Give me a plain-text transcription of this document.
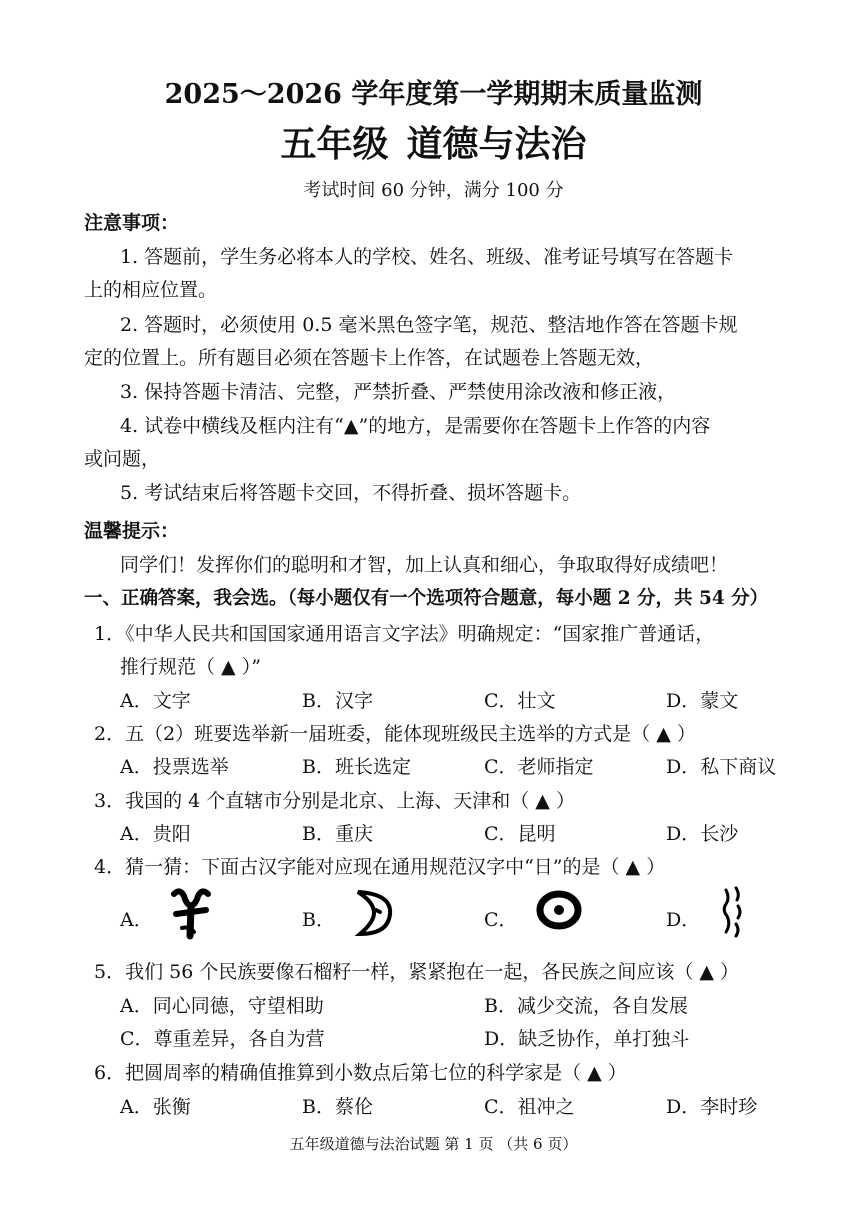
2025～2026 学年度第一学期期末质量监测
五年级 道德与法治
考试时间 60 分钟，满分 100 分
注意事项：
1. 答题前，学生务必将本人的学校、姓名、班级、准考证号填写在答题卡
上的相应位置。
2. 答题时，必须使用 0.5 毫米黑色签字笔，规范、整洁地作答在答题卡规
定的位置上。所有题目必须在答题卡上作答，在试题卷上答题无效，
3. 保持答题卡清洁、完整，严禁折叠、严禁使用涂改液和修正液，
4. 试卷中横线及框内注有“▲”的地方，是需要你在答题卡上作答的内容
或问题，
5. 考试结束后将答题卡交回，不得折叠、损坏答题卡。
温馨提示：
同学们！发挥你们的聪明和才智，加上认真和细心，争取取得好成绩吧！
一、正确答案，我会选。（每小题仅有一个选项符合题意，每小题 2 分，共 54 分）
1．《中华人民共和国国家通用语言文字法》明确规定：“国家推广普通话，
推行规范（ ▲ ）”
A．文字	B．汉字	C．壮文	D．蒙文
2．五（2）班要选举新一届班委，能体现班级民主选举的方式是（ ▲ ）
A．投票选举	B．班长选定	C．老师指定	D．私下商议
3．我国的 4 个直辖市分别是北京、上海、天津和（ ▲ ）
A．贵阳	B．重庆	C．昆明	D．长沙
4．猜一猜：下面古汉字能对应现在通用规范汉字中“日”的是（ ▲ ）
A．	B．	C．	D．
5．我们 56 个民族要像石榴籽一样，紧紧抱在一起，各民族之间应该（ ▲ ）
A．同心同德，守望相助	B．减少交流，各自发展
C．尊重差异，各自为营	D．缺乏协作，单打独斗
6．把圆周率的精确值推算到小数点后第七位的科学家是（ ▲ ）
A．张衡	B．蔡伦	C．祖冲之	D．李时珍
五年级道德与法治试题 第 1 页 （共 6 页）
